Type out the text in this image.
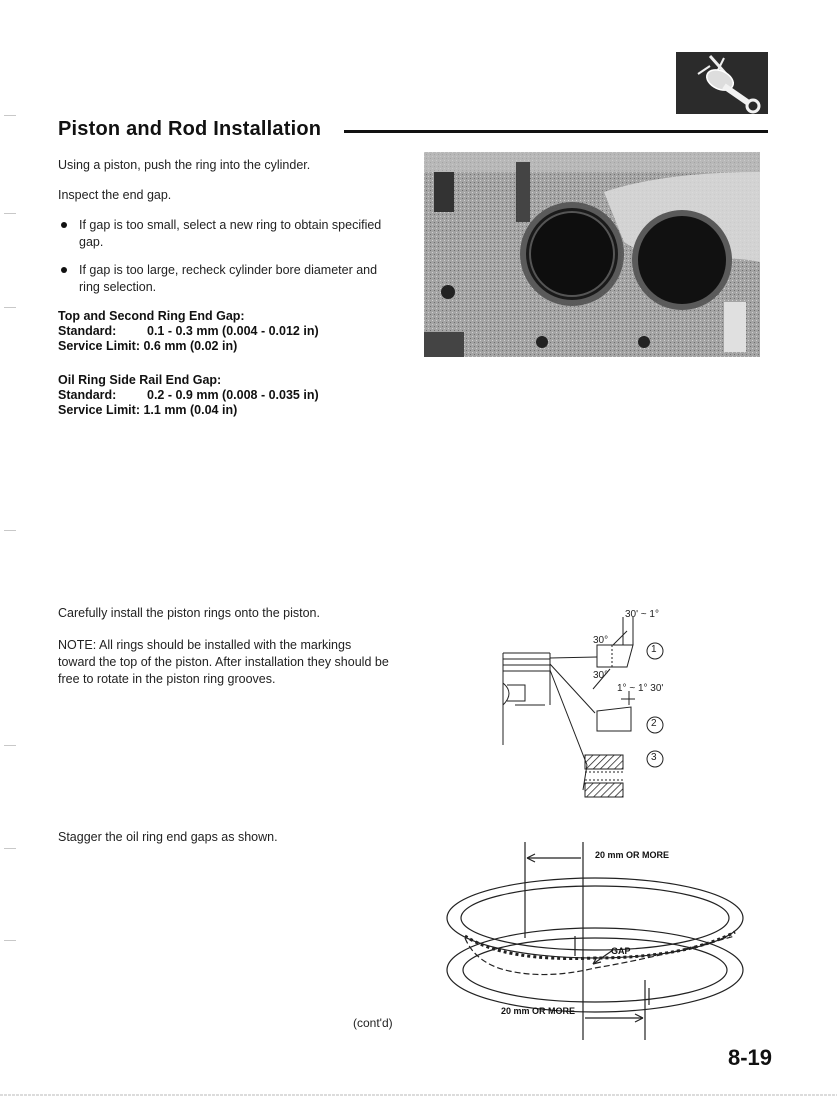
Piston and Rod Installation
Using a piston, push the ring into the cylinder.
Inspect the end gap.
If gap is too small, select a new ring to obtain specified
gap.
If gap is too large, recheck cylinder bore diameter and
ring selection.
Top and Second Ring End Gap:
Standard: 0.1 - 0.3 mm (0.004 - 0.012 in)
Service Limit: 0.6 mm (0.02 in)
Oil Ring Side Rail End Gap:
Standard: 0.2 - 0.9 mm (0.008 - 0.035 in)
Service Limit: 1.1 mm (0.04 in)
Carefully install the piston rings onto the piston.
NOTE: All rings should be installed with the markings
toward the top of the piston. After installation they should be
free to rotate in the piston ring grooves.
30' ~ 1°
30°
30°
1° ~ 1° 30'
1
2
3
Stagger the oil ring end gaps as shown.
20 mm OR MORE
GAP
20 mm OR MORE
(cont'd)
8-19
